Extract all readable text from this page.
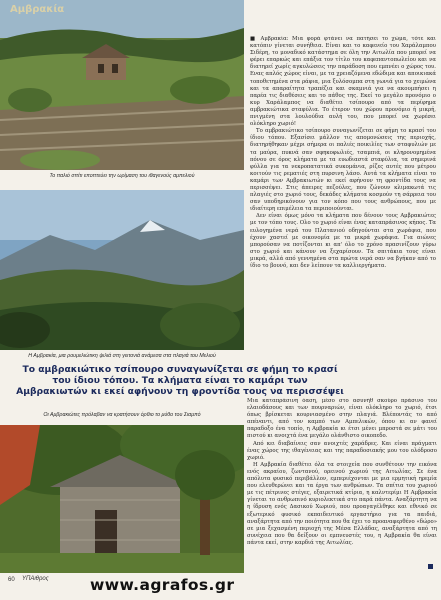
Αμβρακία
Το παλιό σπίτι εποπτεύει την ωρίμαση του ιθαγενούς αμπελιού
Η Αμβρακία, μια ρουμελιώτικη ψιλιά στη γειτονιά ανάμεσα στα πλαγιά του Μελιού
Το αμβρακιώτικο τσίπουρο συναγωνίζεται σε φήμη το κρασί
του ίδιου τόπου. Τα κλήματα είναι το καμάρι των
Αμβρακιωτών κι εκεί αφήνουν τη φροντίδα τους να περισσέψει
Οι Αμβρακιώτες πρόλαβαν να κρατήσουν όρθιο το μύθο του Σιαμπό

■ Αμβρακία: Μια φορά φτάνει να πατήσει το χώμα, τότε και κατόπιν γίνεται συνήθεια. Είναι και το καφενείο του Χαράλαμπου Σιδέρη, το μοναδικό κατάστημα σε όλη την Αιτωλία που μπορεί να φέρει επαρκώς και επάξια τον τίτλο του καφεπαντοπωλείου και να διατηρεί χωρίς αγκυλώσεις την παράδοση που εμπνέει ο χώρος του. Ενας απλός χώρος είναι, με τα χρειαζόμενα εδώδιμα και αποικιακά τοποθετημένα στα ράφια, μια ξυλόσομπα στη γωνιά για το χειμώνα και τα απαραίτητα τραπέζια και σκαμνιά για να ακουμπήσει η παρέα τις διαθέσεις και το πάθος της. Εκεί το μεγάλο προνόμιο ο κυρ Χαράλαμπος να διαθέτει τσίπουρο από τα περίφημα αμβρακιώτικα σταφύλια. Το έτερον του χώρου προνόμιο ή μικρή, πνιγμένη στα λουλούδια αυλή του, που μπορεί να χωρέσει ολόκληρο χωριό!

Το αμβρακιώτικο τσίπουρο συναγωνίζεται σε φήμη το κρασί του ίδιου τόπου. Εξασίσει μάλλον τις απομονώσεις της περιοχής, διατηρήθηκαν μέχρι σήμερα οι παλιές ποικιλίες των σταφυλιών με τα μαύρα, πυκνά σαν σφηκοφωλιές, τσαμπιά, οι κληρονομημένα πόνου σε όρος κλήματα με τα ευωδιαστά σταφύλια, τα σημερινά φύλλα για τα νεκροπατατικά συκομάνια, ρίζες αυτές που μέτρου κοιτούν τις ρεματιές στη πυρσινη λάσο. Αυτά τα κλήματα είναι το καμάρι των Αμβρακιωτών κι εκεί αφήνουν τη φροντίδα τους να περισσέψει. Στις άπειρες πεζούλες, που ζώνουν κλιμακωτά τις πλαγιές στο χωριό τους, δεκάδες κλήματα κοσμούν τη σάρρεια του σαν υποδηρικόνουν για τον κόπο που τους ανθρώπους, που με ιδιαίτερη επιμέλεια τα περιποιούνται.

Δεν είναι όμως μόνο τα κλήματα που δένουν τους Αμβρακιώτες με τον τόπο τους. Ολο το χωριό είναι ένας καταπράσινος κήπος. Τα ευλογημένα νερά του Πλατανιού οδηγούνται στα χωράφια, που έχουν χαστεί με οικονομία με τα μικρά χωράφια. Για αιώνες μπορούσαν να ποτίζονται κι απ' όλο το χρόνο πρασινίζουν γύρω στο χωριό και κάνουν να ξεχαρίσουν. Τα σπιτάκια τους είναι μικρά, αλλά από γεννημένα στα πρώτα νερά σαν να βγήκαν από το ίδιο το βουνό, και δεν λείπουν τα καλλιεργήματα.

Μια καταπράσινη όαση, μέσο στο ασυνήθ σκούρο πράσινο του ελαιοδάσους και των πουρναριών, είναι ολόκληρο το χωριό, έτσι όπως βρίσκεται κουρνιασμένο στην πλαγιά. Βλέποντάς το από απέναντι, από τον καμπό των Αμπελικών, όπου κι αν φανεί παραδοξο ένα τοπίο, η Αμβρακία κι έτσι μένει μπροστά σε μάτι του πιστού κι ανοιχτά ένα μεγάλο ολάνθιστο οικοπεδο.

Από κει διαβαίνεις σαν ανοιχτές χαράδρες. Και είναι πράγματι ένας χώρος της ιθαγένειας και της παραδοσιακής μου του ολόδροσο χωριό.

Η Αμβρακία διαθέτει όλα τα στοιχεία που συνθέτουν την εικόνα ενός ακραίου, ζωντανού, ορεινού χωριού της Αιτωλίας. Σε ένα απόλυτα φυσικό περιβάλλον, εμπεριέχονται με μια ερμητική ηρεμία που ελευθερώνει και τα έργα των ανθρώπων. Τα σπίτια του χωριού με τις πέτρινες στέγες, εξαιρετικά κτίρια, η καλντερίμι Η Αμβρακία γίνεται το ανθρωπινό κυριολεκτικά στο παρά πάντα. Αναξάρτητη να η ίδρυση ενός Δασικού Χωριού, που προαγαγέλθηκε και εθνικό σε εξωτερικό φυσικό εκπαιδευτικό εργαστήριο για τα παιδιά, αναξάρτητα από την ποιότητα που θα έχει το προαναφερθένο «δώρο» σε μια ξεχασμένη περιοχή της Μέσα Ελλάδας, αναξάρτητα από τη συνέχεια που θα δείξουν οι εμπνευστές του, η Αμβρακία θα είναι πάντα εκεί, στην καρδιά της Αιτωλίας.

60 ΥΠΑιθρος	www.agrafos.gr
